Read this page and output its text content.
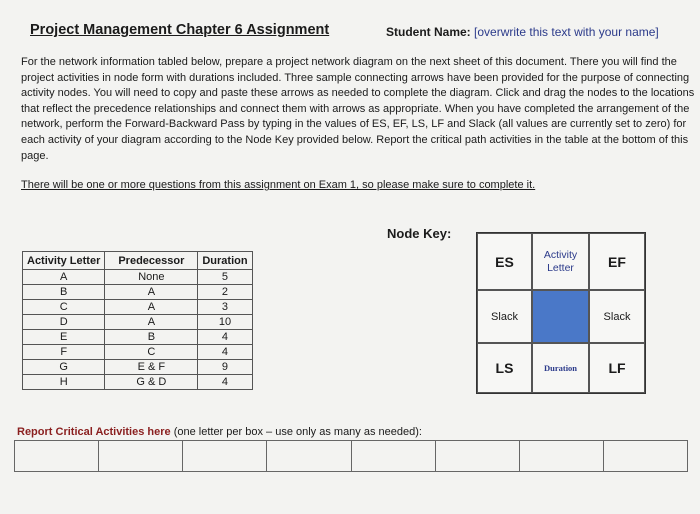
Project Management Chapter 6 Assignment	Student Name: [overwrite this text with your name]
For the network information tabled below, prepare a project network diagram on the next sheet of this document. There you will find the project activities in node form with durations included. Three sample connecting arrows have been provided for the purpose of connecting activity nodes. You will need to copy and paste these arrows as needed to complete the diagram. Click and drag the nodes to the locations that reflect the precedence relationships and connect them with arrows as appropriate. When you have completed the arrangement of the network, perform the Forward-Backward Pass by typing in the values of ES, EF, LS, LF and Slack (all values are currently set to zero) for each activity of your diagram according to the Node Key provided below. Report the critical path activities in the table at the bottom of this page.
There will be one or more questions from this assignment on Exam 1, so please make sure to complete it.
Node Key:
Activity Letter	Predecessor	Duration
A	None	5
B	A	2
C	A	3
D	A	10
E	B	4
F	C	4
G	E & F	9
H	G & D	4
ES	Activity Letter	EF
Slack	Slack
LS	Duration	LF
Report Critical Activities here (one letter per box – use only as many as needed):
